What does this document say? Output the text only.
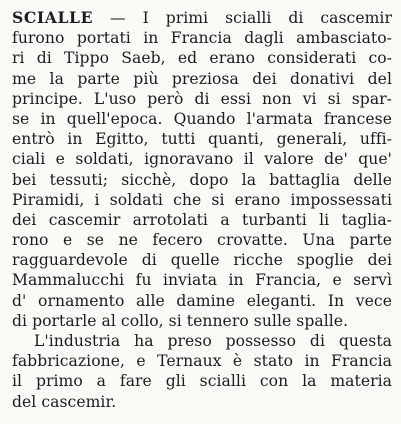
SCIALLE — I primi scialli di cascemir
furono portati in Francia dagli ambasciato-
ri di Tippo Saeb, ed erano considerati co-
me la parte più preziosa dei donativi del
principe. L'uso però di essi non vi si spar-
se in quell'epoca. Quando l'armata francese
entrò in Egitto, tutti quanti, generali, uffi-
ciali e soldati, ignoravano il valore de' que'
bei tessuti; sicchè, dopo la battaglia delle
Piramidi, i soldati che si erano impossessati
dei cascemir arrotolati a turbanti li taglia-
rono e se ne fecero crovatte. Una parte
ragguardevole di quelle ricche spoglie dei
Mammalucchi fu inviata in Francia, e servì
d' ornamento alle damine eleganti. In vece
di portarle al collo, si tennero sulle spalle.
L'industria ha preso possesso di questa
fabbricazione, e Ternaux è stato in Francia
il primo a fare gli scialli con la materia
del cascemir.
